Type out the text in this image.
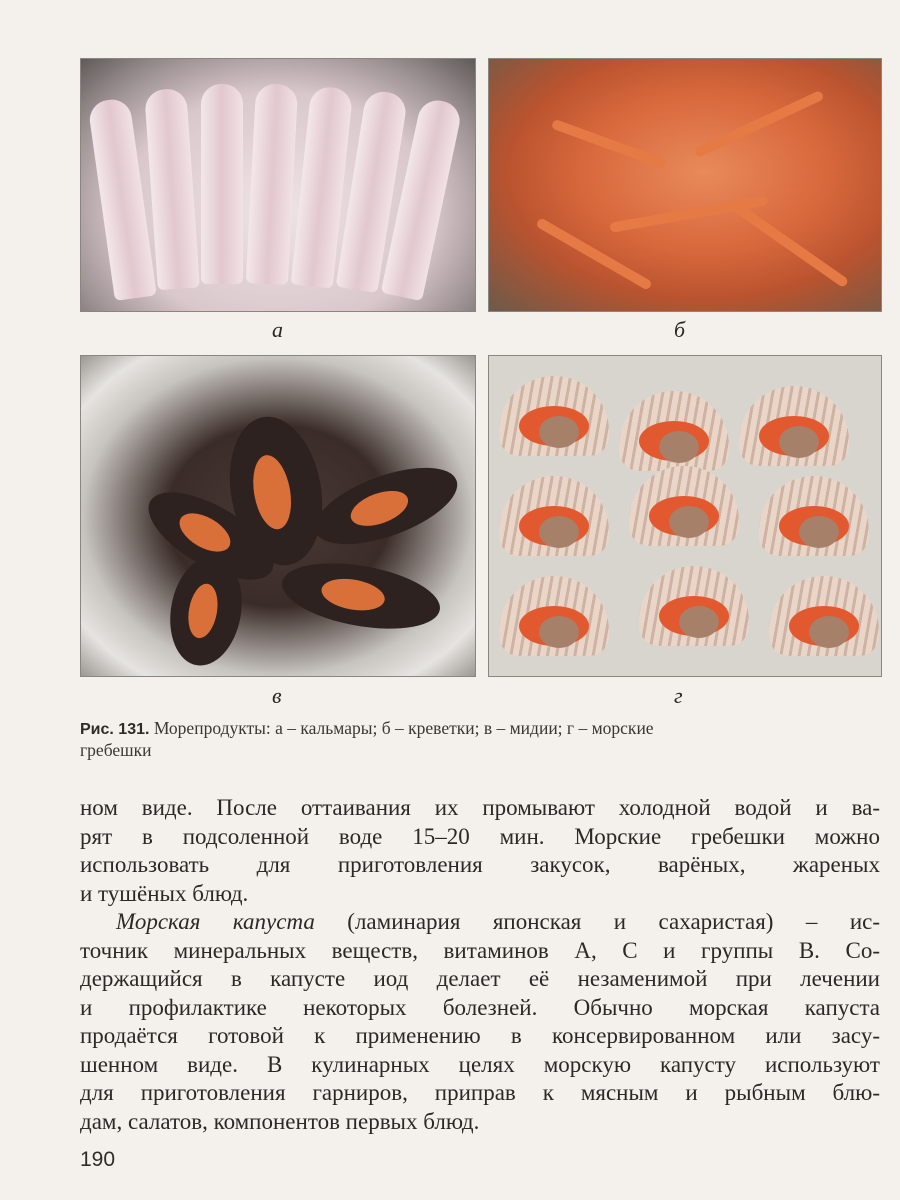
а	б
в	г
Рис. 131. Морепродукты: а – кальмары; б – креветки; в – мидии; г – морские
гребешки
ном виде. После оттаивания их промывают холодной водой и ва-
рят в подсоленной воде 15–20 мин. Морские гребешки можно
использовать для приготовления закусок, варёных, жареных
и тушёных блюд.
Морская капуста (ламинария японская и сахаристая) – ис-
точник минеральных веществ, витаминов А, С и группы В. Со-
держащийся в капусте иод делает её незаменимой при лечении
и профилактике некоторых болезней. Обычно морская капуста
продаётся готовой к применению в консервированном или засу-
шенном виде. В кулинарных целях морскую капусту используют
для приготовления гарниров, приправ к мясным и рыбным блю-
дам, салатов, компонентов первых блюд.
190
